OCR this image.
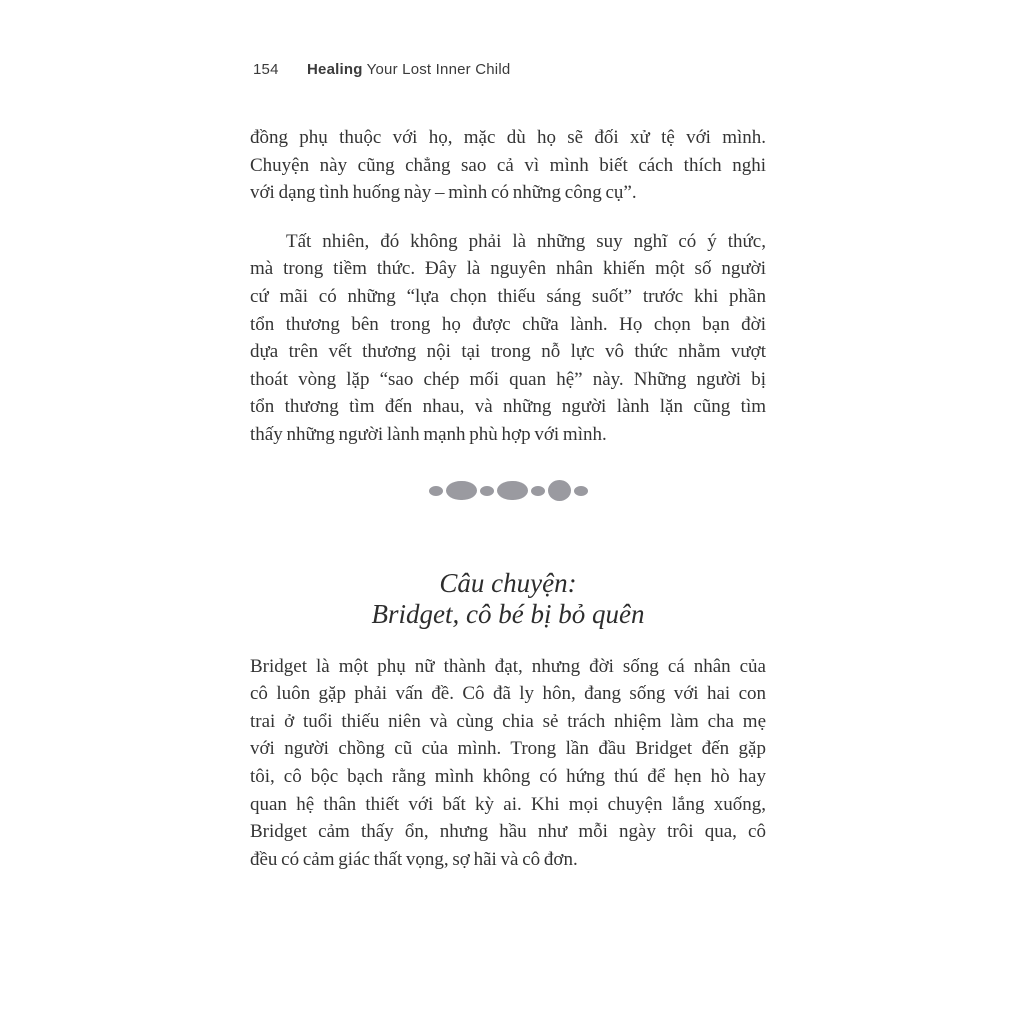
154 Healing Your Lost Inner Child
đồng phụ thuộc với họ, mặc dù họ sẽ đối xử tệ với mình.
Chuyện này cũng chẳng sao cả vì mình biết cách thích nghi
với dạng tình huống này – mình có những công cụ”.
Tất nhiên, đó không phải là những suy nghĩ có ý thức,
mà trong tiềm thức. Đây là nguyên nhân khiến một số người
cứ mãi có những “lựa chọn thiếu sáng suốt” trước khi phần
tổn thương bên trong họ được chữa lành. Họ chọn bạn đời
dựa trên vết thương nội tại trong nỗ lực vô thức nhằm vượt
thoát vòng lặp “sao chép mối quan hệ” này. Những người bị
tổn thương tìm đến nhau, và những người lành lặn cũng tìm
thấy những người lành mạnh phù hợp với mình.
Câu chuyện:
Bridget, cô bé bị bỏ quên
Bridget là một phụ nữ thành đạt, nhưng đời sống cá nhân của
cô luôn gặp phải vấn đề. Cô đã ly hôn, đang sống với hai con
trai ở tuổi thiếu niên và cùng chia sẻ trách nhiệm làm cha mẹ
với người chồng cũ của mình. Trong lần đầu Bridget đến gặp
tôi, cô bộc bạch rằng mình không có hứng thú để hẹn hò hay
quan hệ thân thiết với bất kỳ ai. Khi mọi chuyện lắng xuống,
Bridget cảm thấy ổn, nhưng hầu như mỗi ngày trôi qua, cô
đều có cảm giác thất vọng, sợ hãi và cô đơn.
